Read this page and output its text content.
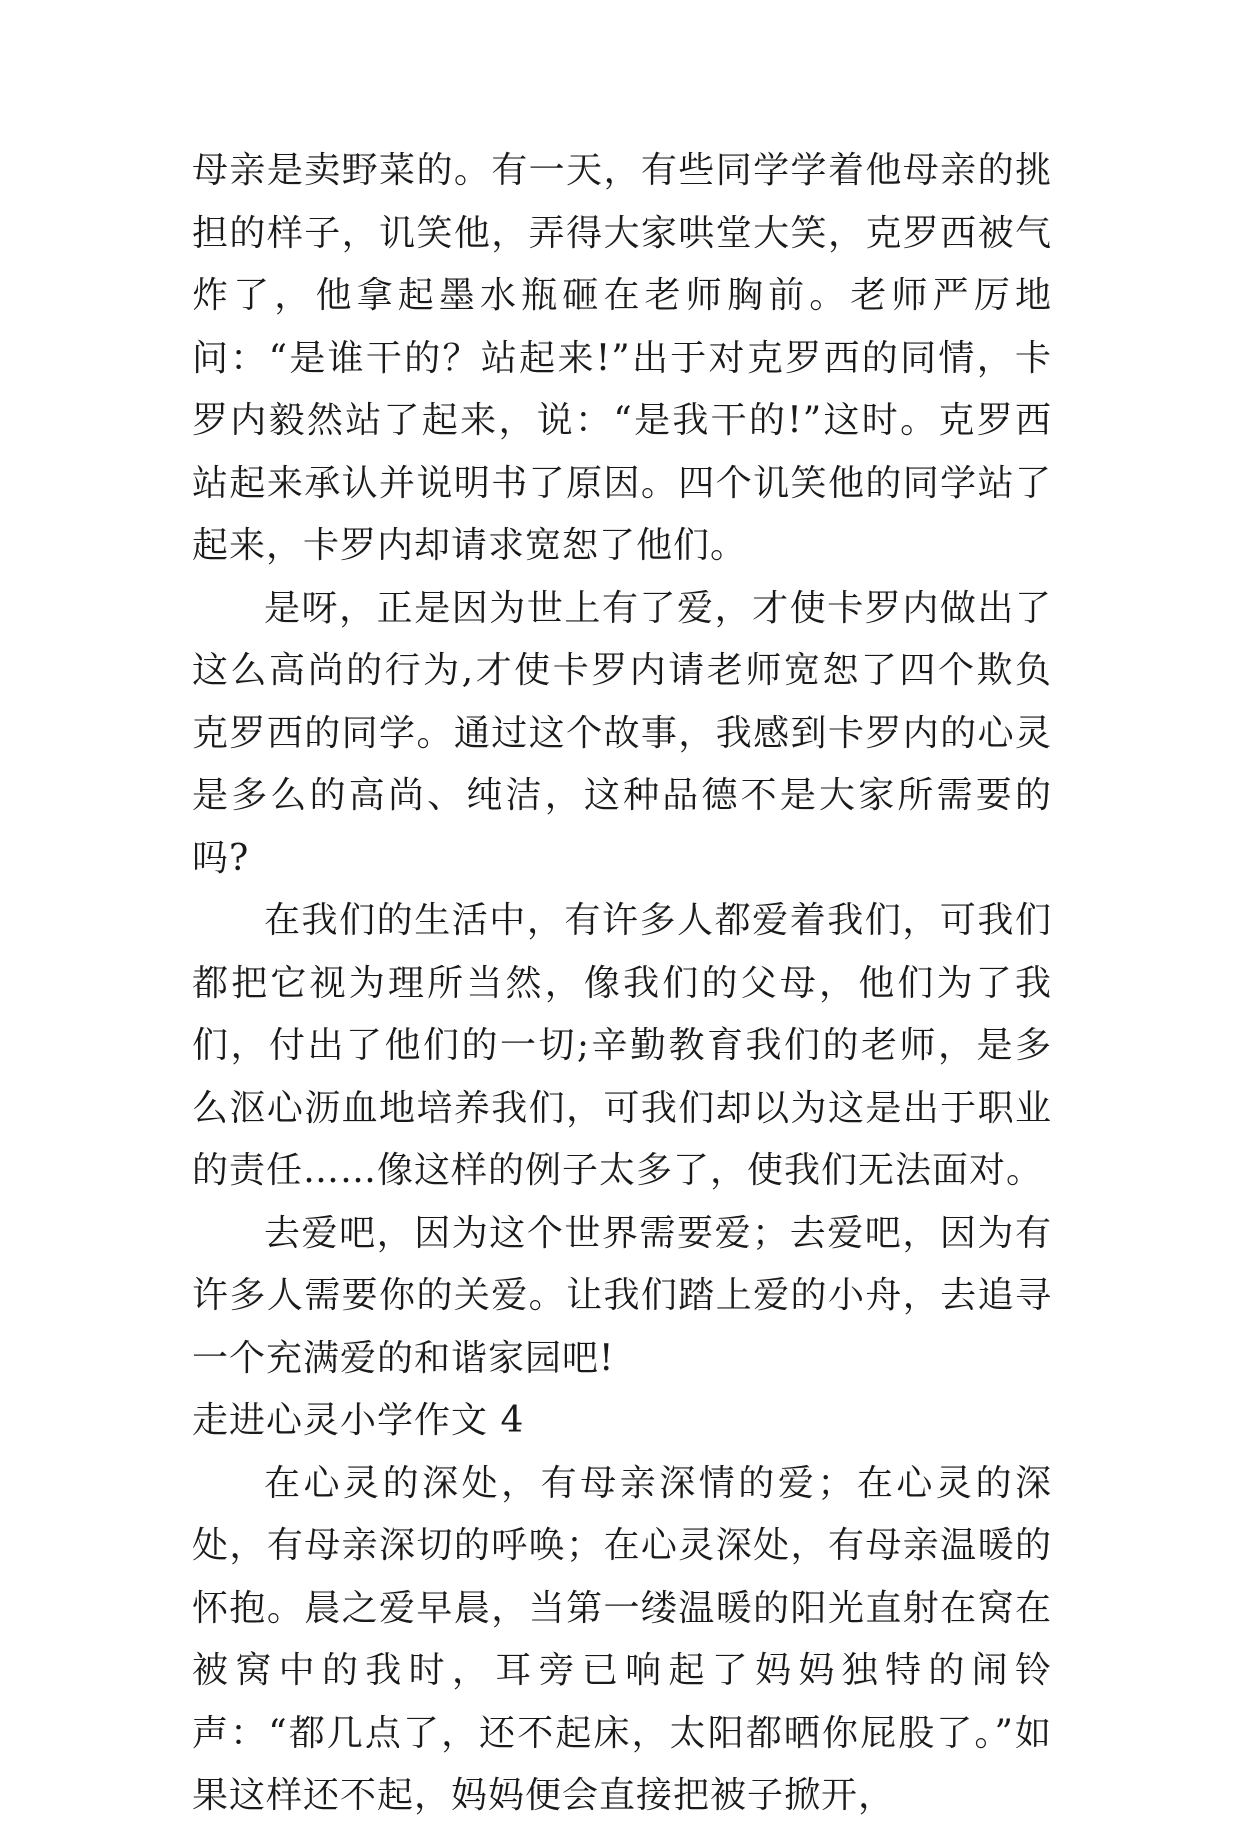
母亲是卖野菜的。有一天，有些同学学着他母亲的挑担的样子，讥笑他，弄得大家哄堂大笑，克罗西被气炸了，他拿起墨水瓶砸在老师胸前。老师严厉地问：“是谁干的？站起来!”出于对克罗西的同情，卡罗内毅然站了起来，说：“是我干的!”这时。克罗西站起来承认并说明书了原因。四个讥笑他的同学站了起来，卡罗内却请求宽恕了他们。

是呀，正是因为世上有了爱，才使卡罗内做出了这么高尚的行为,才使卡罗内请老师宽恕了四个欺负克罗西的同学。通过这个故事，我感到卡罗内的心灵是多么的高尚、纯洁，这种品德不是大家所需要的吗?

在我们的生活中，有许多人都爱着我们，可我们都把它视为理所当然，像我们的父母，他们为了我们，付出了他们的一切;辛勤教育我们的老师，是多么沤心沥血地培养我们，可我们却以为这是出于职业的责任……像这样的例子太多了，使我们无法面对。

去爱吧，因为这个世界需要爱；去爱吧，因为有许多人需要你的关爱。让我们踏上爱的小舟，去追寻一个充满爱的和谐家园吧!

走进心灵小学作文 4

在心灵的深处，有母亲深情的爱；在心灵的深处，有母亲深切的呼唤；在心灵深处，有母亲温暖的怀抱。晨之爱早晨，当第一缕温暖的阳光直射在窝在被窝中的我时，耳旁已响起了妈妈独特的闹铃声：“都几点了，还不起床，太阳都晒你屁股了。”如果这样还不起，妈妈便会直接把被子掀开，
